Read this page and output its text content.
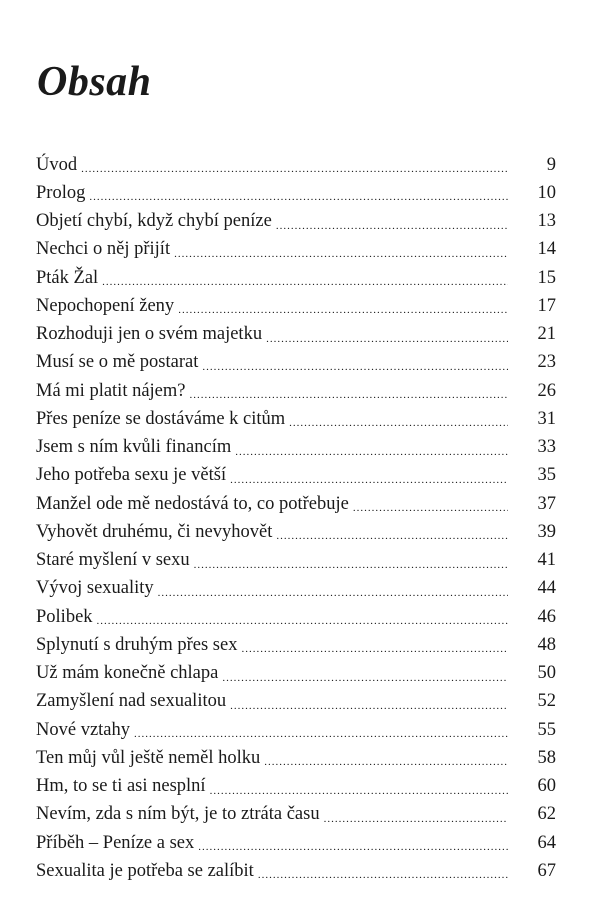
Obsah
Úvod .....	9
Prolog .....	10
Objetí chybí, když chybí peníze .....	13
Nechci o něj přijít .....	14
Pták Žal .....	15
Nepochopení ženy .....	17
Rozhoduji jen o svém majetku .....	21
Musí se o mě postarat .....	23
Má mi platit nájem? .....	26
Přes peníze se dostáváme k citům .....	31
Jsem s ním kvůli financím .....	33
Jeho potřeba sexu je větší .....	35
Manžel ode mě nedostává to, co potřebuje .....	37
Vyhovět druhému, či nevyhovět .....	39
Staré myšlení v sexu .....	41
Vývoj sexuality .....	44
Polibek .....	46
Splynutí s druhým přes sex .....	48
Už mám konečně chlapa .....	50
Zamyšlení nad sexualitou .....	52
Nové vztahy .....	55
Ten můj vůl ještě neměl holku .....	58
Hm, to se ti asi nesplní .....	60
Nevím, zda s ním být, je to ztráta času .....	62
Příběh – Peníze a sex .....	64
Sexualita je potřeba se zalíbit .....	67
